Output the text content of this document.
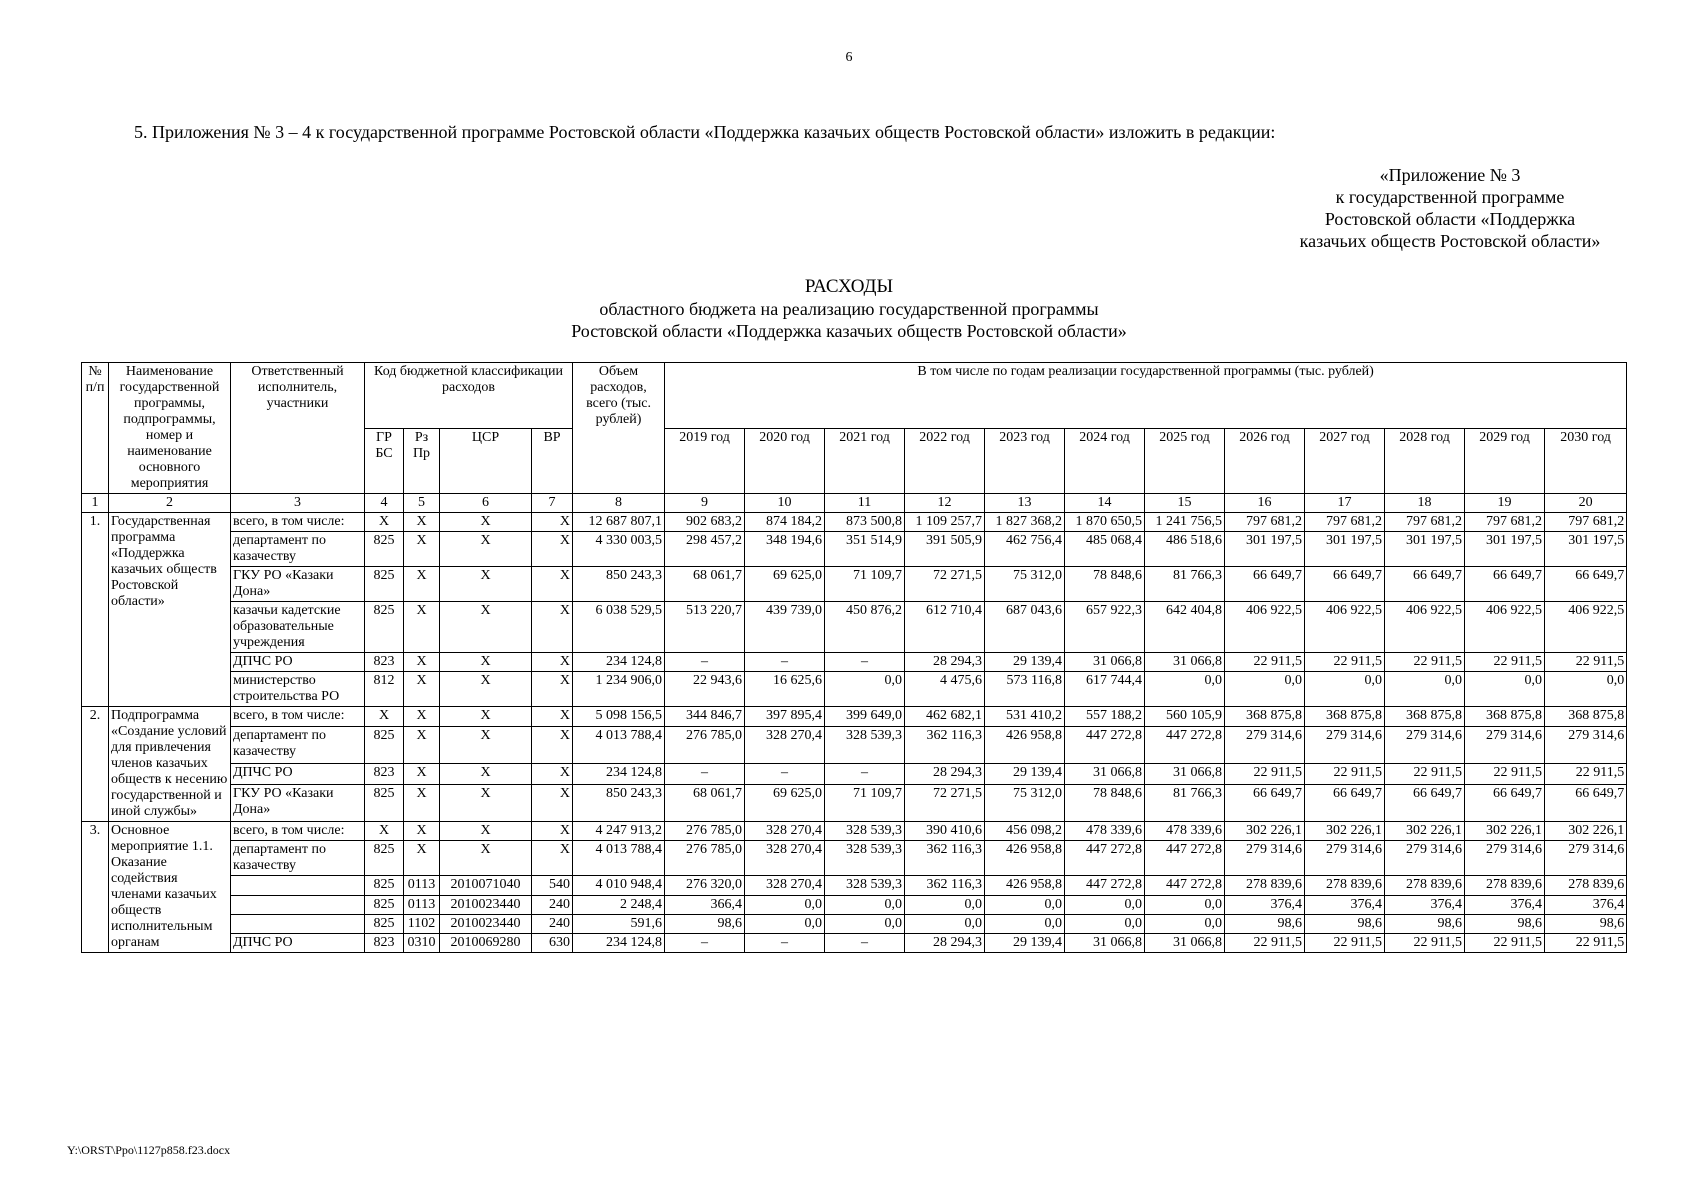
6
5. Приложения № 3 – 4 к государственной программе Ростовской области «Поддержка казачьих обществ Ростовской области» изложить в редакции:
«Приложение № 3
к государственной программе
Ростовской области «Поддержка
казачьих обществ Ростовской области»
РАСХОДЫ
областного бюджета на реализацию государственной программы
Ростовской области «Поддержка казачьих обществ Ростовской области»
№ п/п	Наименование государственной программы, подпрограммы, номер и наименование основного мероприятия	Ответственный исполнитель, участники	Код бюджетной классификации расходов				Объем расходов, всего (тыс. рублей)	В том числе по годам реализации государственной программы (тыс. рублей)											
			ГР БС	Рз Пр	ЦСР	ВР		2019 год	2020 год	2021 год	2022 год	2023 год	2024 год	2025 год	2026 год	2027 год	2028 год	2029 год	2030 год
1	2	3	4	5	6	7	8	9	10	11	12	13	14	15	16	17	18	19	20
1.	Государственная программа «Поддержка казачьих обществ Ростовской области»	всего, в том числе:	Х	Х	Х	Х	12 687 807,1	902 683,2	874 184,2	873 500,8	1 109 257,7	1 827 368,2	1 870 650,5	1 241 756,5	797 681,2	797 681,2	797 681,2	797 681,2	797 681,2
		департамент по казачеству	825	Х	Х	Х	4 330 003,5	298 457,2	348 194,6	351 514,9	391 505,9	462 756,4	485 068,4	486 518,6	301 197,5	301 197,5	301 197,5	301 197,5	301 197,5
		ГКУ РО «Казаки Дона»	825	Х	Х	Х	850 243,3	68 061,7	69 625,0	71 109,7	72 271,5	75 312,0	78 848,6	81 766,3	66 649,7	66 649,7	66 649,7	66 649,7	66 649,7
		казачьи кадетские образовательные учреждения	825	Х	Х	Х	6 038 529,5	513 220,7	439 739,0	450 876,2	612 710,4	687 043,6	657 922,3	642 404,8	406 922,5	406 922,5	406 922,5	406 922,5	406 922,5
		ДПЧС РО	823	Х	Х	Х	234 124,8	–	–	–	28 294,3	29 139,4	31 066,8	31 066,8	22 911,5	22 911,5	22 911,5	22 911,5	22 911,5
		министерство строительства РО	812	Х	Х	Х	1 234 906,0	22 943,6	16 625,6	0,0	4 475,6	573 116,8	617 744,4	0,0	0,0	0,0	0,0	0,0	0,0
2.	Подпрограмма «Создание условий для привлечения членов казачьих обществ к несению государственной и иной службы»	всего, в том числе:	Х	Х	Х	Х	5 098 156,5	344 846,7	397 895,4	399 649,0	462 682,1	531 410,2	557 188,2	560 105,9	368 875,8	368 875,8	368 875,8	368 875,8	368 875,8
		департамент по казачеству	825	Х	Х	Х	4 013 788,4	276 785,0	328 270,4	328 539,3	362 116,3	426 958,8	447 272,8	447 272,8	279 314,6	279 314,6	279 314,6	279 314,6	279 314,6
		ДПЧС РО	823	Х	Х	Х	234 124,8	–	–	–	28 294,3	29 139,4	31 066,8	31 066,8	22 911,5	22 911,5	22 911,5	22 911,5	22 911,5
		ГКУ РО «Казаки Дона»	825	Х	Х	Х	850 243,3	68 061,7	69 625,0	71 109,7	72 271,5	75 312,0	78 848,6	81 766,3	66 649,7	66 649,7	66 649,7	66 649,7	66 649,7
3.	Основное мероприятие 1.1. Оказание содействия членами казачьих обществ исполнительным органам	всего, в том числе:	Х	Х	Х	Х	4 247 913,2	276 785,0	328 270,4	328 539,3	390 410,6	456 098,2	478 339,6	478 339,6	302 226,1	302 226,1	302 226,1	302 226,1	302 226,1
		департамент по казачеству	825	Х	Х	Х	4 013 788,4	276 785,0	328 270,4	328 539,3	362 116,3	426 958,8	447 272,8	447 272,8	279 314,6	279 314,6	279 314,6	279 314,6	279 314,6
			825	0113	2010071040	540	4 010 948,4	276 320,0	328 270,4	328 539,3	362 116,3	426 958,8	447 272,8	447 272,8	278 839,6	278 839,6	278 839,6	278 839,6	278 839,6
			825	0113	2010023440	240	2 248,4	366,4	0,0	0,0	0,0	0,0	0,0	0,0	376,4	376,4	376,4	376,4	376,4
			825	1102	2010023440	240	591,6	98,6	0,0	0,0	0,0	0,0	0,0	0,0	98,6	98,6	98,6	98,6	98,6
		ДПЧС РО	823	0310	2010069280	630	234 124,8	–	–	–	28 294,3	29 139,4	31 066,8	31 066,8	22 911,5	22 911,5	22 911,5	22 911,5	22 911,5
Y:\ORST\Ppo\1127p858.f23.docx
